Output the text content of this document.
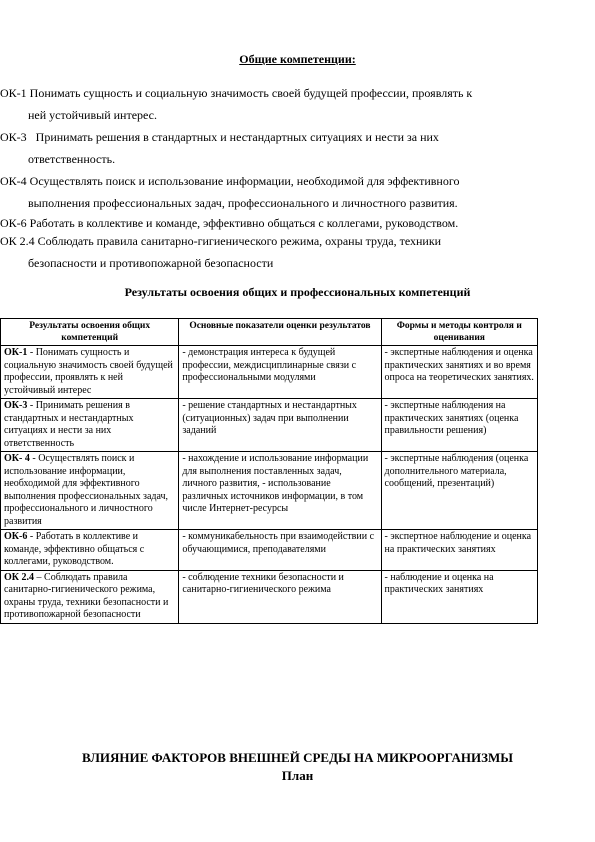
Общие компетенции:

ОК-1 Понимать сущность и социальную значимость своей будущей профессии, проявлять к
ней устойчивый интерес.
ОК-3 Принимать решения в стандартных и нестандартных ситуациях и нести за них
ответственность.
ОК-4 Осуществлять поиск и использование информации, необходимой для эффективного
выполнения профессиональных задач, профессионального и личностного развития.
ОК-6 Работать в коллективе и команде, эффективно общаться с коллегами, руководством.
ОК 2.4 Соблюдать правила санитарно-гигиенического режима, охраны труда, техники
безопасности и противопожарной безопасности

Результаты освоения общих и профессиональных компетенций

Результаты освоения общих компетенций	Основные показатели оценки результатов	Формы и методы контроля и оценивания
ОК-1 - Понимать сущность и социальную значимость своей будущей профессии, проявлять к ней устойчивый интерес	- демонстрация интереса к будущей профессии, междисциплинарные связи с профессиональными модулями	- экспертные наблюдения и оценка практических занятиях и во время опроса на теоретических занятиях.
ОК-3 - Принимать решения в стандартных и нестандартных ситуациях и нести за них ответственность	- решение стандартных и нестандартных (ситуационных) задач при выполнении заданий	- экспертные наблюдения на практических занятиях (оценка правильности решения)
ОК- 4 - Осуществлять поиск и использование информации, необходимой для эффективного выполнения профессиональных задач, профессионального и личностного развития	- нахождение и использование информации для выполнения поставленных задач, личного развития, - использование различных источников информации, в том числе Интернет-ресурсы	- экспертные наблюдения (оценка дополнительного материала, сообщений, презентаций)
ОК-6 - Работать в коллективе и команде, эффективно общаться с коллегами, руководством.	- коммуникабельность при взаимодействии с обучающимися, преподавателями	- экспертное наблюдение и оценка на практических занятиях
ОК 2.4 – Соблюдать правила санитарно-гигиенического режима, охраны труда, техники безопасности и противопожарной безопасности	- соблюдение техники безопасности и санитарно-гигиенического режима	- наблюдение и оценка на практических занятиях

ВЛИЯНИЕ ФАКТОРОВ ВНЕШНЕЙ СРЕДЫ НА МИКРООРГАНИЗМЫ

План
